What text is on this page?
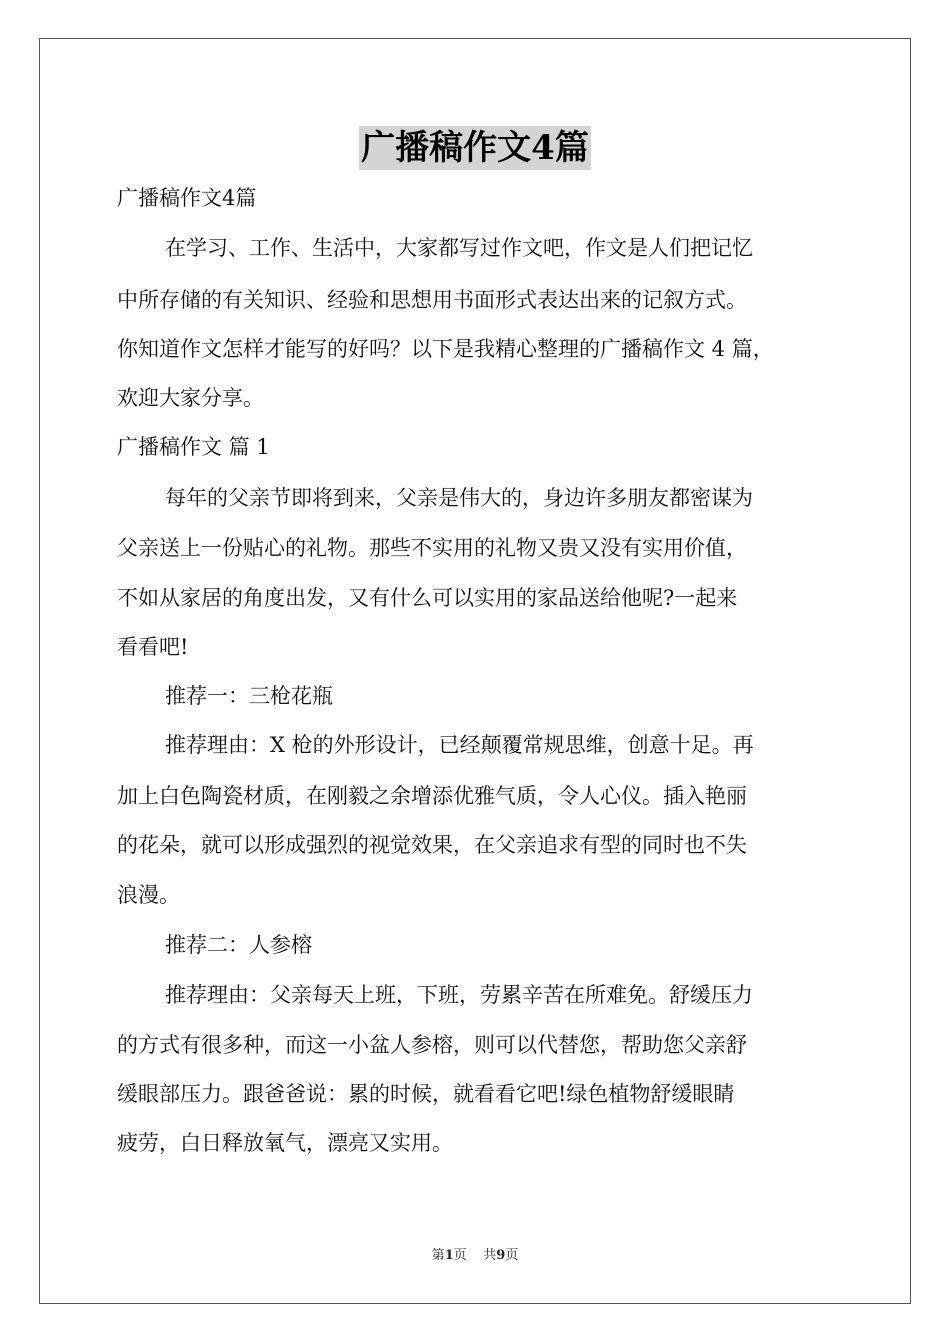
广播稿作文4篇
广播稿作文4篇
在学习、工作、生活中，大家都写过作文吧，作文是人们把记忆
中所存储的有关知识、经验和思想用书面形式表达出来的记叙方式。
你知道作文怎样才能写的好吗？以下是我精心整理的广播稿作文 4 篇，
欢迎大家分享。
广播稿作文 篇 1
每年的父亲节即将到来，父亲是伟大的，身边许多朋友都密谋为
父亲送上一份贴心的礼物。那些不实用的礼物又贵又没有实用价值，
不如从家居的角度出发，又有什么可以实用的家品送给他呢?一起来
看看吧!
推荐一：三枪花瓶
推荐理由：X 枪的外形设计，已经颠覆常规思维，创意十足。再
加上白色陶瓷材质，在刚毅之余增添优雅气质，令人心仪。插入艳丽
的花朵，就可以形成强烈的视觉效果，在父亲追求有型的同时也不失
浪漫。
推荐二：人参榕
推荐理由：父亲每天上班，下班，劳累辛苦在所难免。舒缓压力
的方式有很多种，而这一小盆人参榕，则可以代替您，帮助您父亲舒
缓眼部压力。跟爸爸说：累的时候，就看看它吧!绿色植物舒缓眼睛
疲劳，白日释放氧气，漂亮又实用。
第1页    共9页
